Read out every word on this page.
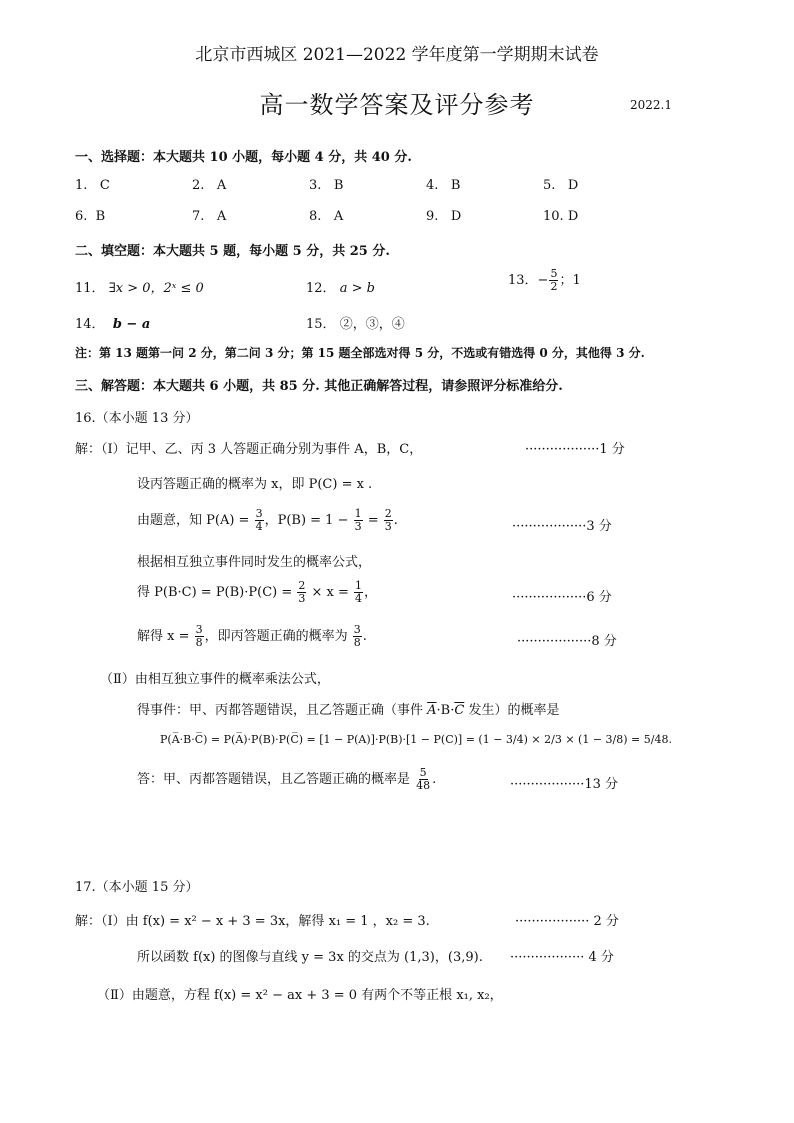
北京市西城区 2021—2022 学年度第一学期期末试卷
高一数学答案及评分参考	2022.1
一、选择题：本大题共 10 小题，每小题 4 分，共 40 分.
1. C	2. A	3. B	4. B	5. D
6. B	7. A	8. A	9. D	10. D
二、填空题：本大题共 5 题，每小题 5 分，共 25 分.
11． ∃x > 0，2ˣ ≤ 0	12． a > b
13．− $\frac{5}{2}$ ；1
14． b − a	15． ②，③，④
注：第 13 题第一问 2 分，第二问 3 分；第 15 题全部选对得 5 分，不选或有错选得 0 分，其他得 3 分.
三、解答题：本大题共 6 小题，共 85 分. 其他正确解答过程，请参照评分标准给分.
16.（本小题 13 分）
解：（Ⅰ）记甲、乙、丙 3 人答题正确分别为事件 A，B，C，	··················1 分
设丙答题正确的概率为 x，即 P(C) = x .
由题意，知 $P(A) = \frac{3}{4}$ ，$P(B) = 1 - \frac{1}{3} = \frac{2}{3}$ .	··················3 分
根据相互独立事件同时发生的概率公式，
得 $P(B\cdot C) = P(B)\cdot P(C) = \frac{2}{3} \times x = \frac{1}{4}$ ，	··················6 分
解得 $x = \frac{3}{8}$ ，即丙答题正确的概率为 $\frac{3}{8}$ .	··················8 分
（Ⅱ）由相互独立事件的概率乘法公式，
得事件：甲、丙都答题错误，且乙答题正确（事件 $\overline{A}\cdot B\cdot\overline{C}$ 发生）的概率是
P(A̅·B·C̅) = P(A̅)·P(B)·P(C̅) = [1 − P(A)]·P(B)·[1 − P(C)] = (1 − 3/4) × 2/3 × (1 − 3/8) = 5/48.
答：甲、丙都答题错误，且乙答题正确的概率是 $\frac{5}{48}$ .	··················13 分
17.（本小题 15 分）
解：（Ⅰ）由 f(x) = x² − x + 3 = 3x，解得 x₁ = 1 ，x₂ = 3.	·················· 2 分
所以函数 f(x) 的图像与直线 y = 3x 的交点为 (1,3)，(3,9). ·················· 4 分
（Ⅱ）由题意，方程 f(x) = x² − ax + 3 = 0 有两个不等正根 x₁, x₂，
